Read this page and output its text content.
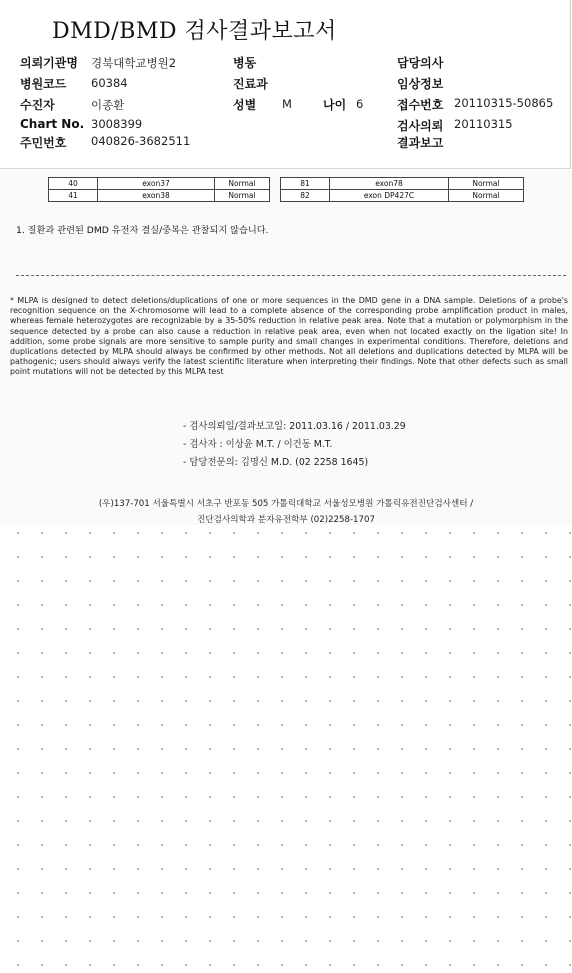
DMD/BMD 검사결과보고서
의뢰기관명 경북대학교병원2
병원코드 60384
수진자	이종환
Chart No. 3008399
주민번호 040826-3682511
병동
진료과
성별 M	나이 6
담당의사
임상정보
접수번호 20110315-50865
검사의뢰 20110315
결과보고
40	exon37	Normal
41	exon38	Normal
81	exon78	Normal
82	exon DP427C	Normal
1. 질환과 관련된 DMD 유전자 결실/중복은 관찰되지 않습니다.
* MLPA is designed to detect deletions/duplications of one or more sequences in the DMD gene in a DNA sample. Deletions of a probe's recognition sequence on the X-chromosome will lead to a complete absence of the corresponding probe amplification product in males, whereas female heterozygotes are recognizable by a 35-50% reduction in relative peak area. Note that a mutation or polymorphism in the sequence detected by a probe can also cause a reduction in relative peak area, even when not located exactly on the ligation site! In addition, some probe signals are more sensitive to sample purity and small changes in experimental conditions. Therefore, deletions and duplications detected by MLPA should always be confirmed by other methods. Not all deletions and duplications detected by MLPA will be pathogenic; users should always verify the latest scientific literature when interpreting their findings. Note that other defects such as small point mutations will not be detected by this MLPA test
- 검사의뢰일/결과보고일: 2011.03.16 / 2011.03.29
- 검사자 : 이상윤 M.T. / 이건동 M.T.
- 담당전문의: 김명신 M.D. (02 2258 1645)
(우)137-701 서울특별시 서초구 반포동 505 가톨릭대학교 서울성모병원 가톨릭유전진단검사센터 /
진단검사의학과 분자유전학부 (02)2258-1707
